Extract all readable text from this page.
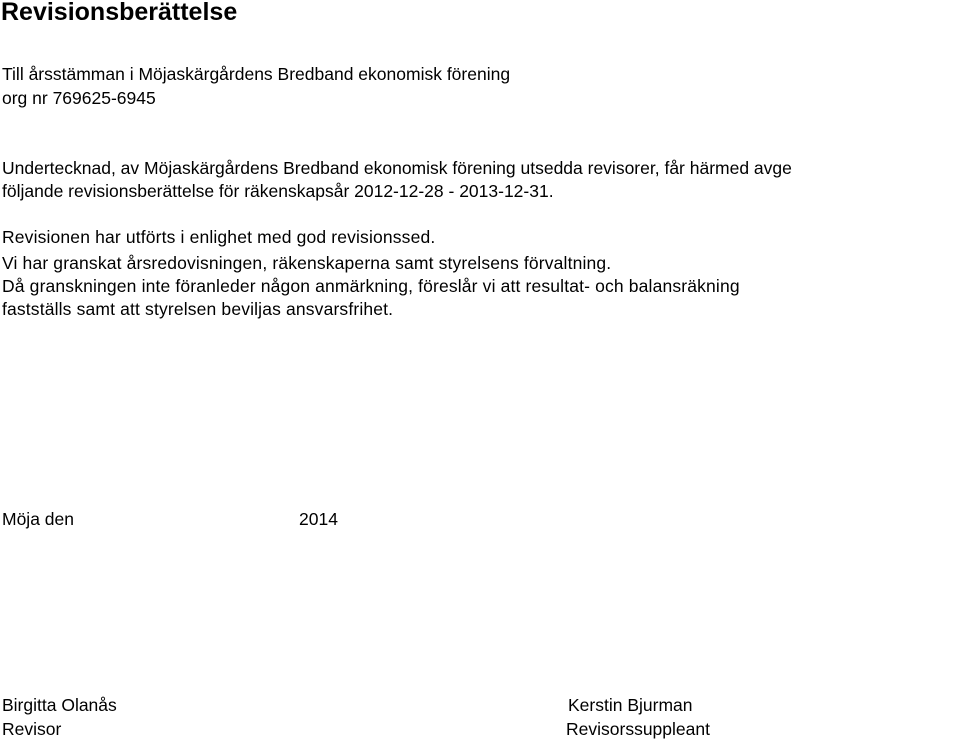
Revisionsberättelse
Till årsstämman i Möjaskärgårdens Bredband ekonomisk förening
org nr 769625-6945
Undertecknad, av Möjaskärgårdens Bredband ekonomisk förening utsedda revisorer, får härmed avge
följande revisionsberättelse för räkenskapsår 2012-12-28 - 2013-12-31.
Revisionen har utförts i enlighet med god revisionssed.
Vi har granskat årsredovisningen, räkenskaperna samt styrelsens förvaltning.
Då granskningen inte föranleder någon anmärkning, föreslår vi att resultat- och balansräkning
fastställs samt att styrelsen beviljas ansvarsfrihet.
Möja den	2014
Birgitta Olanås
Revisor
Kerstin Bjurman
Revisorssuppleant
